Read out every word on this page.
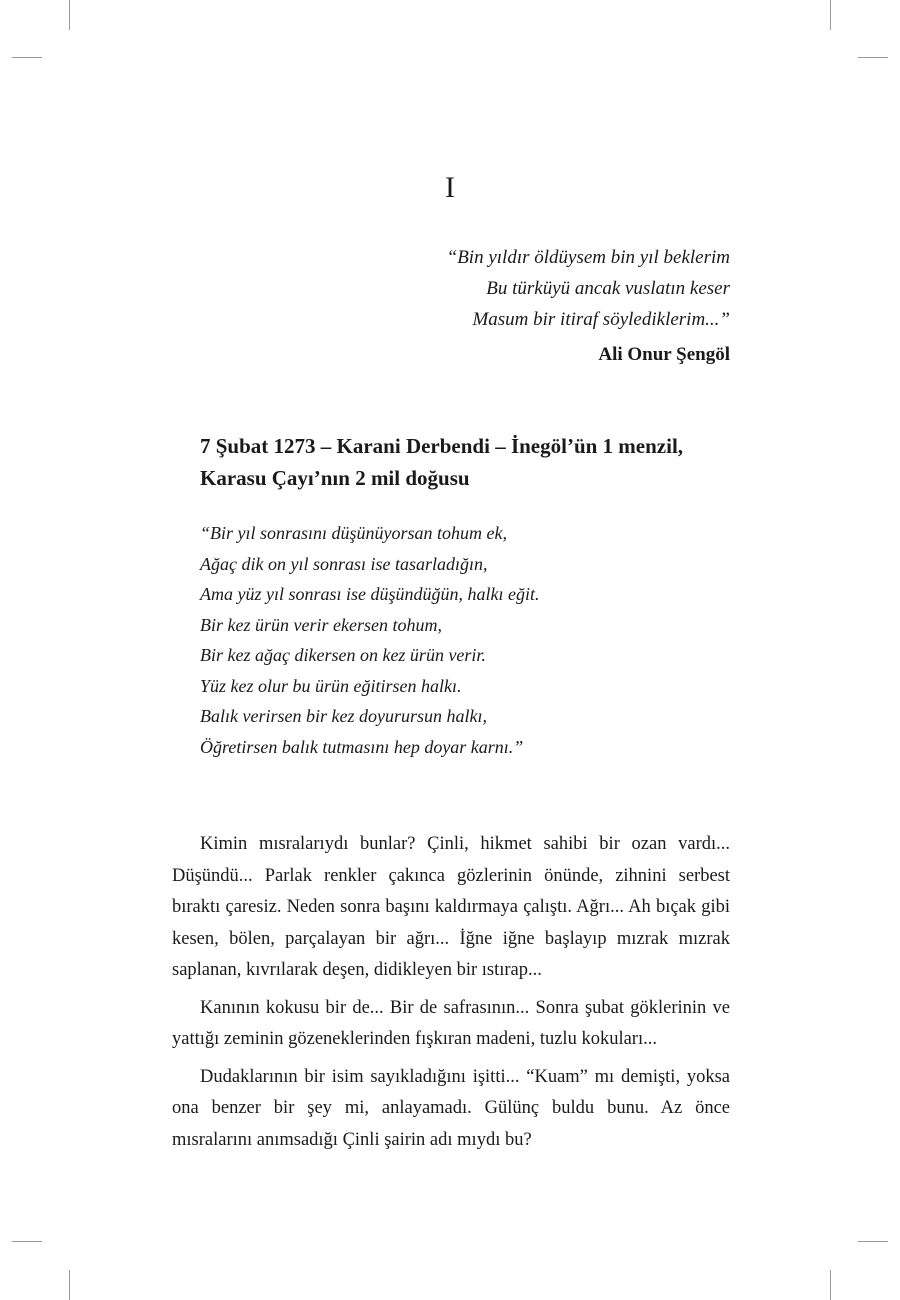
I
“Bin yıldır öldüysem bin yıl beklerim
Bu türküyü ancak vuslatın keser
Masum bir itiraf söylediklerim...”
Ali Onur Şengöl
7 Şubat 1273 – Karani Derbendi – İnegöl’ün 1 menzil, Karasu Çayı’nın 2 mil doğusu
“Bir yıl sonrasını düşünüyorsan tohum ek,
Ağaç dik on yıl sonrası ise tasarladığın,
Ama yüz yıl sonrası ise düşündüğün, halkı eğit.
Bir kez ürün verir ekersen tohum,
Bir kez ağaç dikersen on kez ürün verir.
Yüz kez olur bu ürün eğitirsen halkı.
Balık verirsen bir kez doyurursun halkı,
Öğretirsen balık tutmasını hep doyar karnı.”

Kimin mısralarıydı bunlar? Çinli, hikmet sahibi bir ozan vardı... Düşündü... Parlak renkler çakınca gözlerinin önünde, zihnini serbest bıraktı çaresiz. Neden sonra başını kaldırmaya çalıştı. Ağrı... Ah bıçak gibi kesen, bölen, parçalayan bir ağrı... İğne iğne başlayıp mızrak mızrak saplanan, kıvrılarak deşen, didikleyen bir ıstırap...

Kanının kokusu bir de... Bir de safrasının... Sonra şubat göklerinin ve yattığı zeminin gözeneklerinden fışkıran madeni, tuzlu kokuları...

Dudaklarının bir isim sayıkladığını işitti... “Kuam” mı demişti, yoksa ona benzer bir şey mi, anlayamadı. Gülünç buldu bunu. Az önce mısralarını anımsadığı Çinli şairin adı mıydı bu?
